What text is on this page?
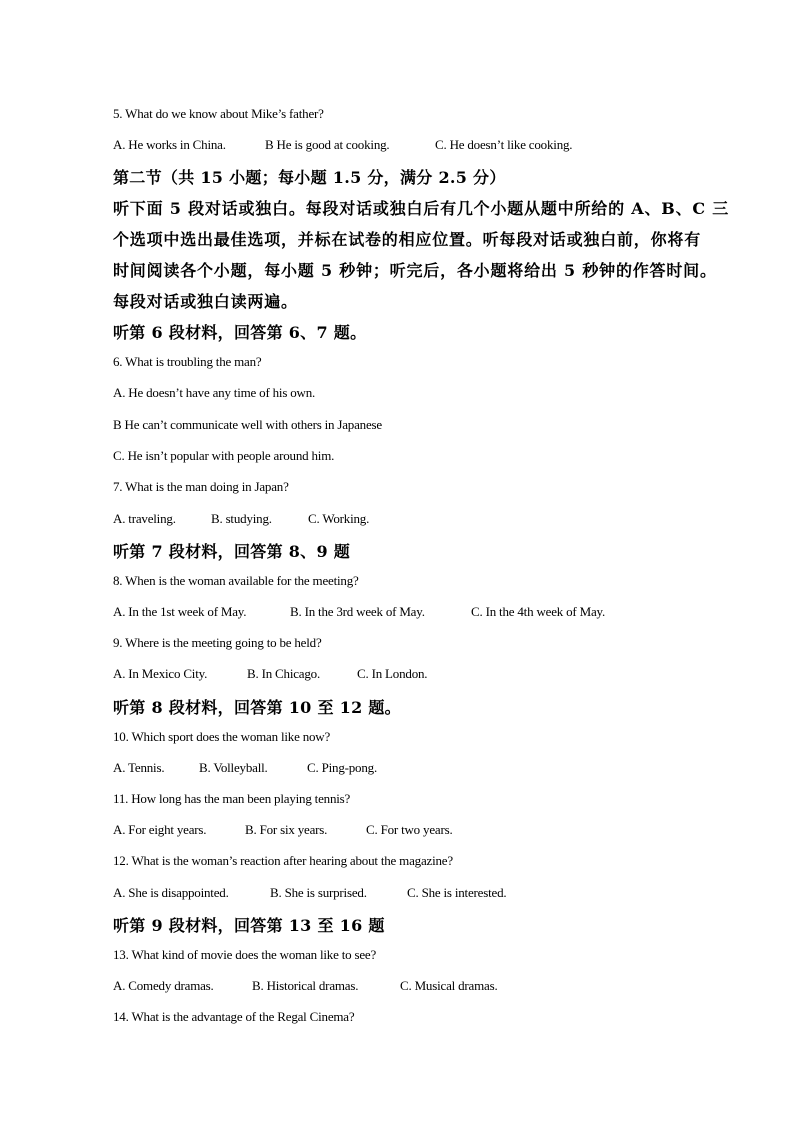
5. What do we know about Mike’s father?
A. He works in China.	B He is good at cooking.	C. He doesn’t like cooking.
第二节（共 15 小题；每小题 1.5 分，满分 2.5 分）
听下面 5 段对话或独白。每段对话或独白后有几个小题从题中所给的 A、B、C 三
个选项中选出最佳选项，并标在试卷的相应位置。听每段对话或独白前，你将有
时间阅读各个小题，每小题 5 秒钟；听完后，各小题将给出 5 秒钟的作答时间。
每段对话或独白读两遍。
听第 6 段材料，回答第 6、7 题。
6. What is troubling the man?
A. He doesn’t have any time of his own.
B He can’t communicate well with others in Japanese
C. He isn’t popular with people around him.
7. What is the man doing in Japan?
A. traveling.	B. studying.	C. Working.
听第 7 段材料，回答第 8、9 题
8. When is the woman available for the meeting?
A. In the 1st week of May.	B. In the 3rd week of May.	C. In the 4th week of May.
9. Where is the meeting going to be held?
A. In Mexico City.	B. In Chicago.	C. In London.
听第 8 段材料，回答第 10 至 12 题。
10. Which sport does the woman like now?
A. Tennis.	B. Volleyball.	C. Ping-pong.
11. How long has the man been playing tennis?
A. For eight years.	B. For six years.	C. For two years.
12. What is the woman’s reaction after hearing about the magazine?
A. She is disappointed.	B. She is surprised.	C. She is interested.
听第 9 段材料，回答第 13 至 16 题
13. What kind of movie does the woman like to see?
A. Comedy dramas.	B. Historical dramas.	C. Musical dramas.
14. What is the advantage of the Regal Cinema?
